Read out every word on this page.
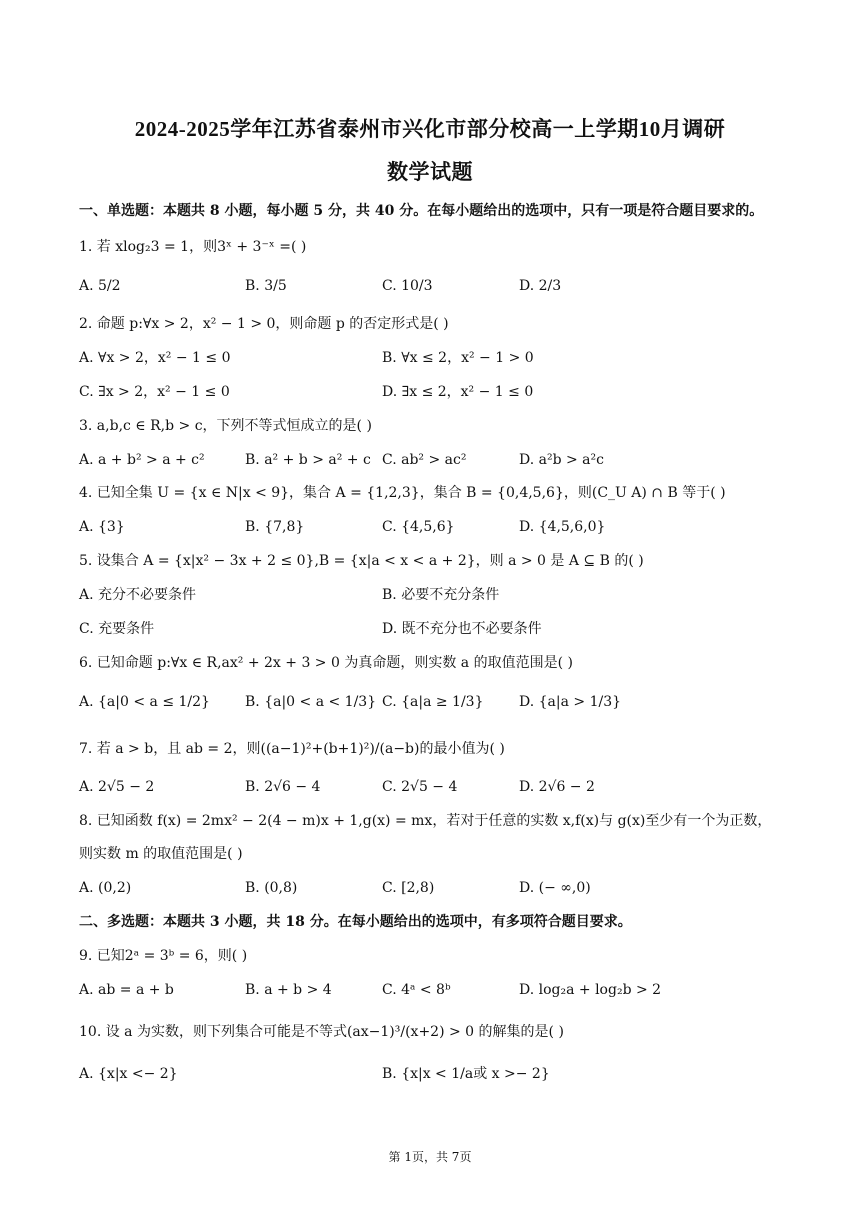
2024-2025学年江苏省泰州市兴化市部分校高一上学期10月调研
数学试题
一、单选题：本题共 8 小题，每小题 5 分，共 40 分。在每小题给出的选项中，只有一项是符合题目要求的。
1. 若 xlog₂3 = 1，则3ˣ + 3⁻ˣ =( )
A. 5/2	B. 3/5	C. 10/3	D. 2/3
2. 命题 p:∀x > 2，x² − 1 > 0，则命题 p 的否定形式是( )
A. ∀x > 2，x² − 1 ≤ 0	B. ∀x ≤ 2，x² − 1 > 0
C. ∃x > 2，x² − 1 ≤ 0	D. ∃x ≤ 2，x² − 1 ≤ 0
3. a,b,c ∈ R,b > c，下列不等式恒成立的是( )
A. a + b² > a + c²	B. a² + b > a² + c C. ab² > ac²	D. a²b > a²c
4. 已知全集 U = {x ∈ N|x < 9}，集合 A = {1,2,3}，集合 B = {0,4,5,6}，则(C_U A) ∩ B 等于( )
A. {3}	B. {7,8}	C. {4,5,6}	D. {4,5,6,0}
5. 设集合 A = {x|x² − 3x + 2 ≤ 0},B = {x|a < x < a + 2}，则 a > 0 是 A ⊆ B 的( )
A. 充分不必要条件	B. 必要不充分条件
C. 充要条件	D. 既不充分也不必要条件
6. 已知命题 p:∀x ∈ R,ax² + 2x + 3 > 0 为真命题，则实数 a 的取值范围是( )
A. {a|0 < a ≤ 1/2}	B. {a|0 < a < 1/3} C. {a|a ≥ 1/3}	D. {a|a > 1/3}
7. 若 a > b，且 ab = 2，则((a−1)²+(b+1)²)/(a−b)的最小值为( )
A. 2√5 − 2	B. 2√6 − 4	C. 2√5 − 4	D. 2√6 − 2
8. 已知函数 f(x) = 2mx² − 2(4 − m)x + 1,g(x) = mx，若对于任意的实数 x,f(x)与 g(x)至少有一个为正数，
则实数 m 的取值范围是( )
A. (0,2)	B. (0,8)	C. [2,8)	D. (− ∞,0)
二、多选题：本题共 3 小题，共 18 分。在每小题给出的选项中，有多项符合题目要求。
9. 已知2ᵃ = 3ᵇ = 6，则( )
A. ab = a + b	B. a + b > 4	C. 4ᵃ < 8ᵇ	D. log₂a + log₂b > 2
10. 设 a 为实数，则下列集合可能是不等式(ax−1)³/(x+2) > 0 的解集的是( )
A. {x|x <− 2}	B. {x|x < 1/a或 x >− 2}
第 1页，共 7页
